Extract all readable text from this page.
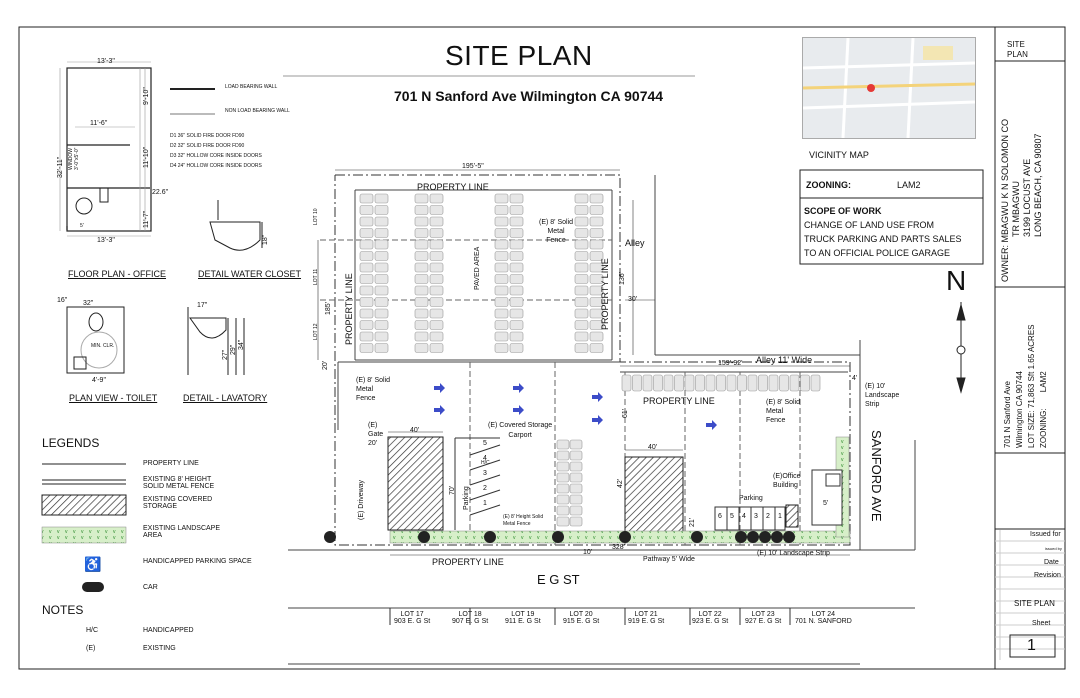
SITE PLAN
701 N Sanford Ave Wilmington CA 90744
VICINITY MAP
ZOONING:	LAM2
SCOPE OF WORK
CHANGE OF LAND USE FROM
TRUCK PARKING AND PARTS SALES
TO AN OFFICIAL POLICE GARAGE
N
SITE
PLAN
OWNER: MBAGWU K N SOLOMON CO
TR MBAGWU
3199 LOCUST AVE
LONG BEACH, CA 90807
701 N Sanford Ave Wilmington CA 90744 LOT SIZE: 71,863 Sft 1.65 ACRES
ZOONING: LAM2
Issued for
issued by
Date
Revision
SITE PLAN
Sheet
1
FLOOR PLAN - OFFICE	DETAIL WATER CLOSET
PLAN VIEW - TOILET	DETAIL - LAVATORY
LOAD BEARING WALL
NON LOAD BEARING WALL
D1 36" SOLID FIRE DOOR FD90
D2 32" SOLID FIRE DOOR FD90
D3 32" HOLLOW CORE INSIDE DOORS
D4 24" HOLLOW CORE INSIDE DOORS
13'-3"
13'-3"
11'-6"
9'-10"
11'-10"
11'-7"
32'-11"
22.6"
5'
WINDOW
3'-0"x5'-0"
18"
32"
16"
4'-9"
MIN. CLR.
17"
27" 29" 34"
LEGENDS
PROPERTY LINE
EXISTING 8' HEIGHT SOLID METAL FENCE
EXISTING COVERED STORAGE
EXISTING LANDSCAPE AREA
♿	HANDICAPPED PARKING SPACE
CAR
NOTES
H/C	HANDICAPPED
(E)	EXISTING
PROPERTY LINE
PROPERTY LINE	PROPERTY LINE
PROPERTY LINE
PROPERTY LINE
PAVED AREA
Alley
Alley 11' Wide
SANFORD AVE
E G ST
Pathway 5' Wide
(E) 10' Landscape Strip
(E) 10'
Landscape
Strip
(E) 8' Solid
Metal
Fence
(E) 8' Solid
Metal
Fence
(E) 8' Solid
Metal
Fence
(E) 8' Height Solid
Metal Fence
(E)
Gate
(E) Driveway
(E) Covered Storage
Carport
Parking	Parking
(E)Office
Building
H/C
195'-5"
136'
30'
185'
20'	159'-92'
328'
10'
40'
40'
20'
70'
42'
61'
21'
5'
4'
LOT 10
LOT 11
LOT 12
LOT 17
903 E. G St
LOT 18
907 E. G St
LOT 19
911 E. G St
LOT 20
915 E. G St
LOT 21
919 E. G St
LOT 22
923 E. G St
LOT 23
927 E. G St
LOT 24
701 N. SANFORD
6 5 4 3 2 1
5
4
3
2
1
